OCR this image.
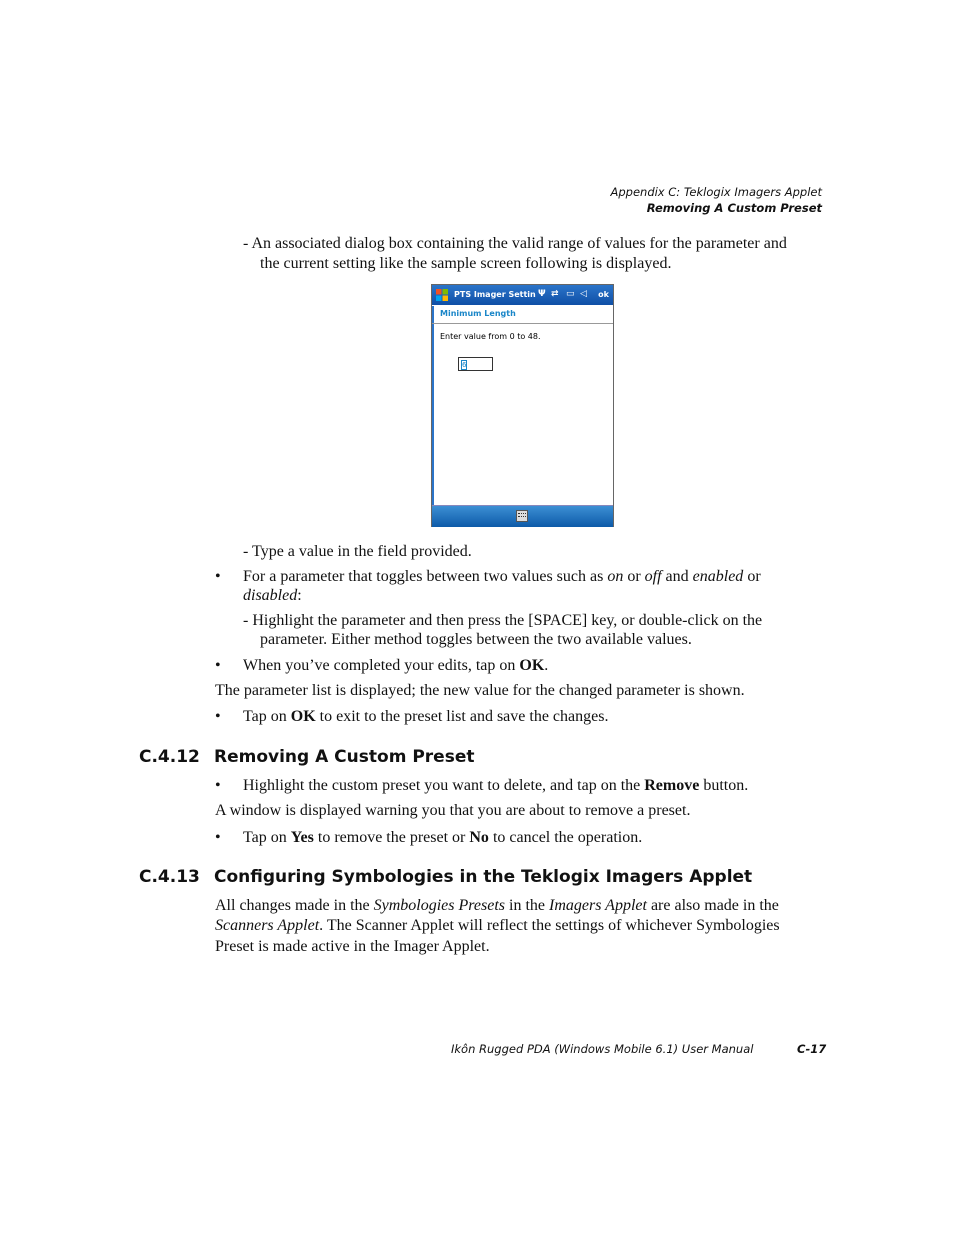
Appendix C: Teklogix Imagers Applet
Removing A Custom Preset
- An associated dialog box containing the valid range of values for the parameter and
the current setting like the sample screen following is displayed.
PTS Imager Settin Ψ ⇄ ▭ ◁ ok
Minimum Length
Enter value from 0 to 48.
6
- Type a value in the field provided.
• For a parameter that toggles between two values such as on or off and enabled or
disabled:
- Highlight the parameter and then press the [SPACE] key, or double-click on the
parameter. Either method toggles between the two available values.
• When you’ve completed your edits, tap on OK.
The parameter list is displayed; the new value for the changed parameter is shown.
• Tap on OK to exit to the preset list and save the changes.
C.4.12 Removing A Custom Preset
• Highlight the custom preset you want to delete, and tap on the Remove button.
A window is displayed warning you that you are about to remove a preset.
• Tap on Yes to remove the preset or No to cancel the operation.
C.4.13 Configuring Symbologies in the Teklogix Imagers Applet
All changes made in the Symbologies Presets in the Imagers Applet are also made in the
Scanners Applet. The Scanner Applet will reflect the settings of whichever Symbologies
Preset is made active in the Imager Applet.
Ikôn Rugged PDA (Windows Mobile 6.1) User Manual	C-17
